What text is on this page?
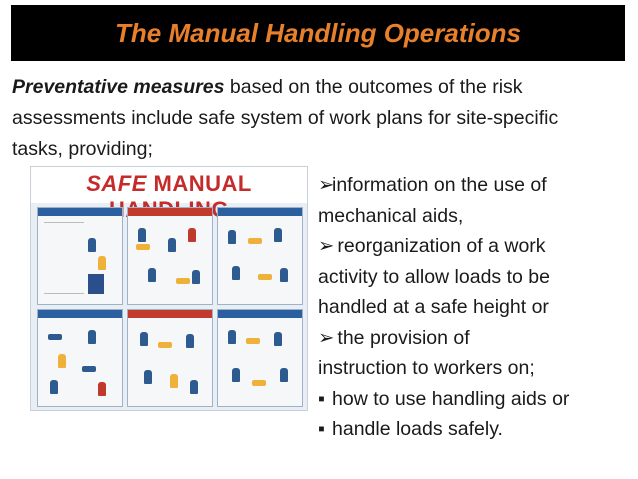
The Manual Handling Operations
Preventative measures based on the outcomes of the risk assessments include safe system of work plans for site-specific tasks, providing;
SAFE MANUAL	➢information on the use of
mechanical aids,
➢ reorganization of a work
activity to allow loads to be
handled at a safe height or
➢ the provision of
instruction to workers on;
▪ how to use handling aids or
▪ handle loads safely.
